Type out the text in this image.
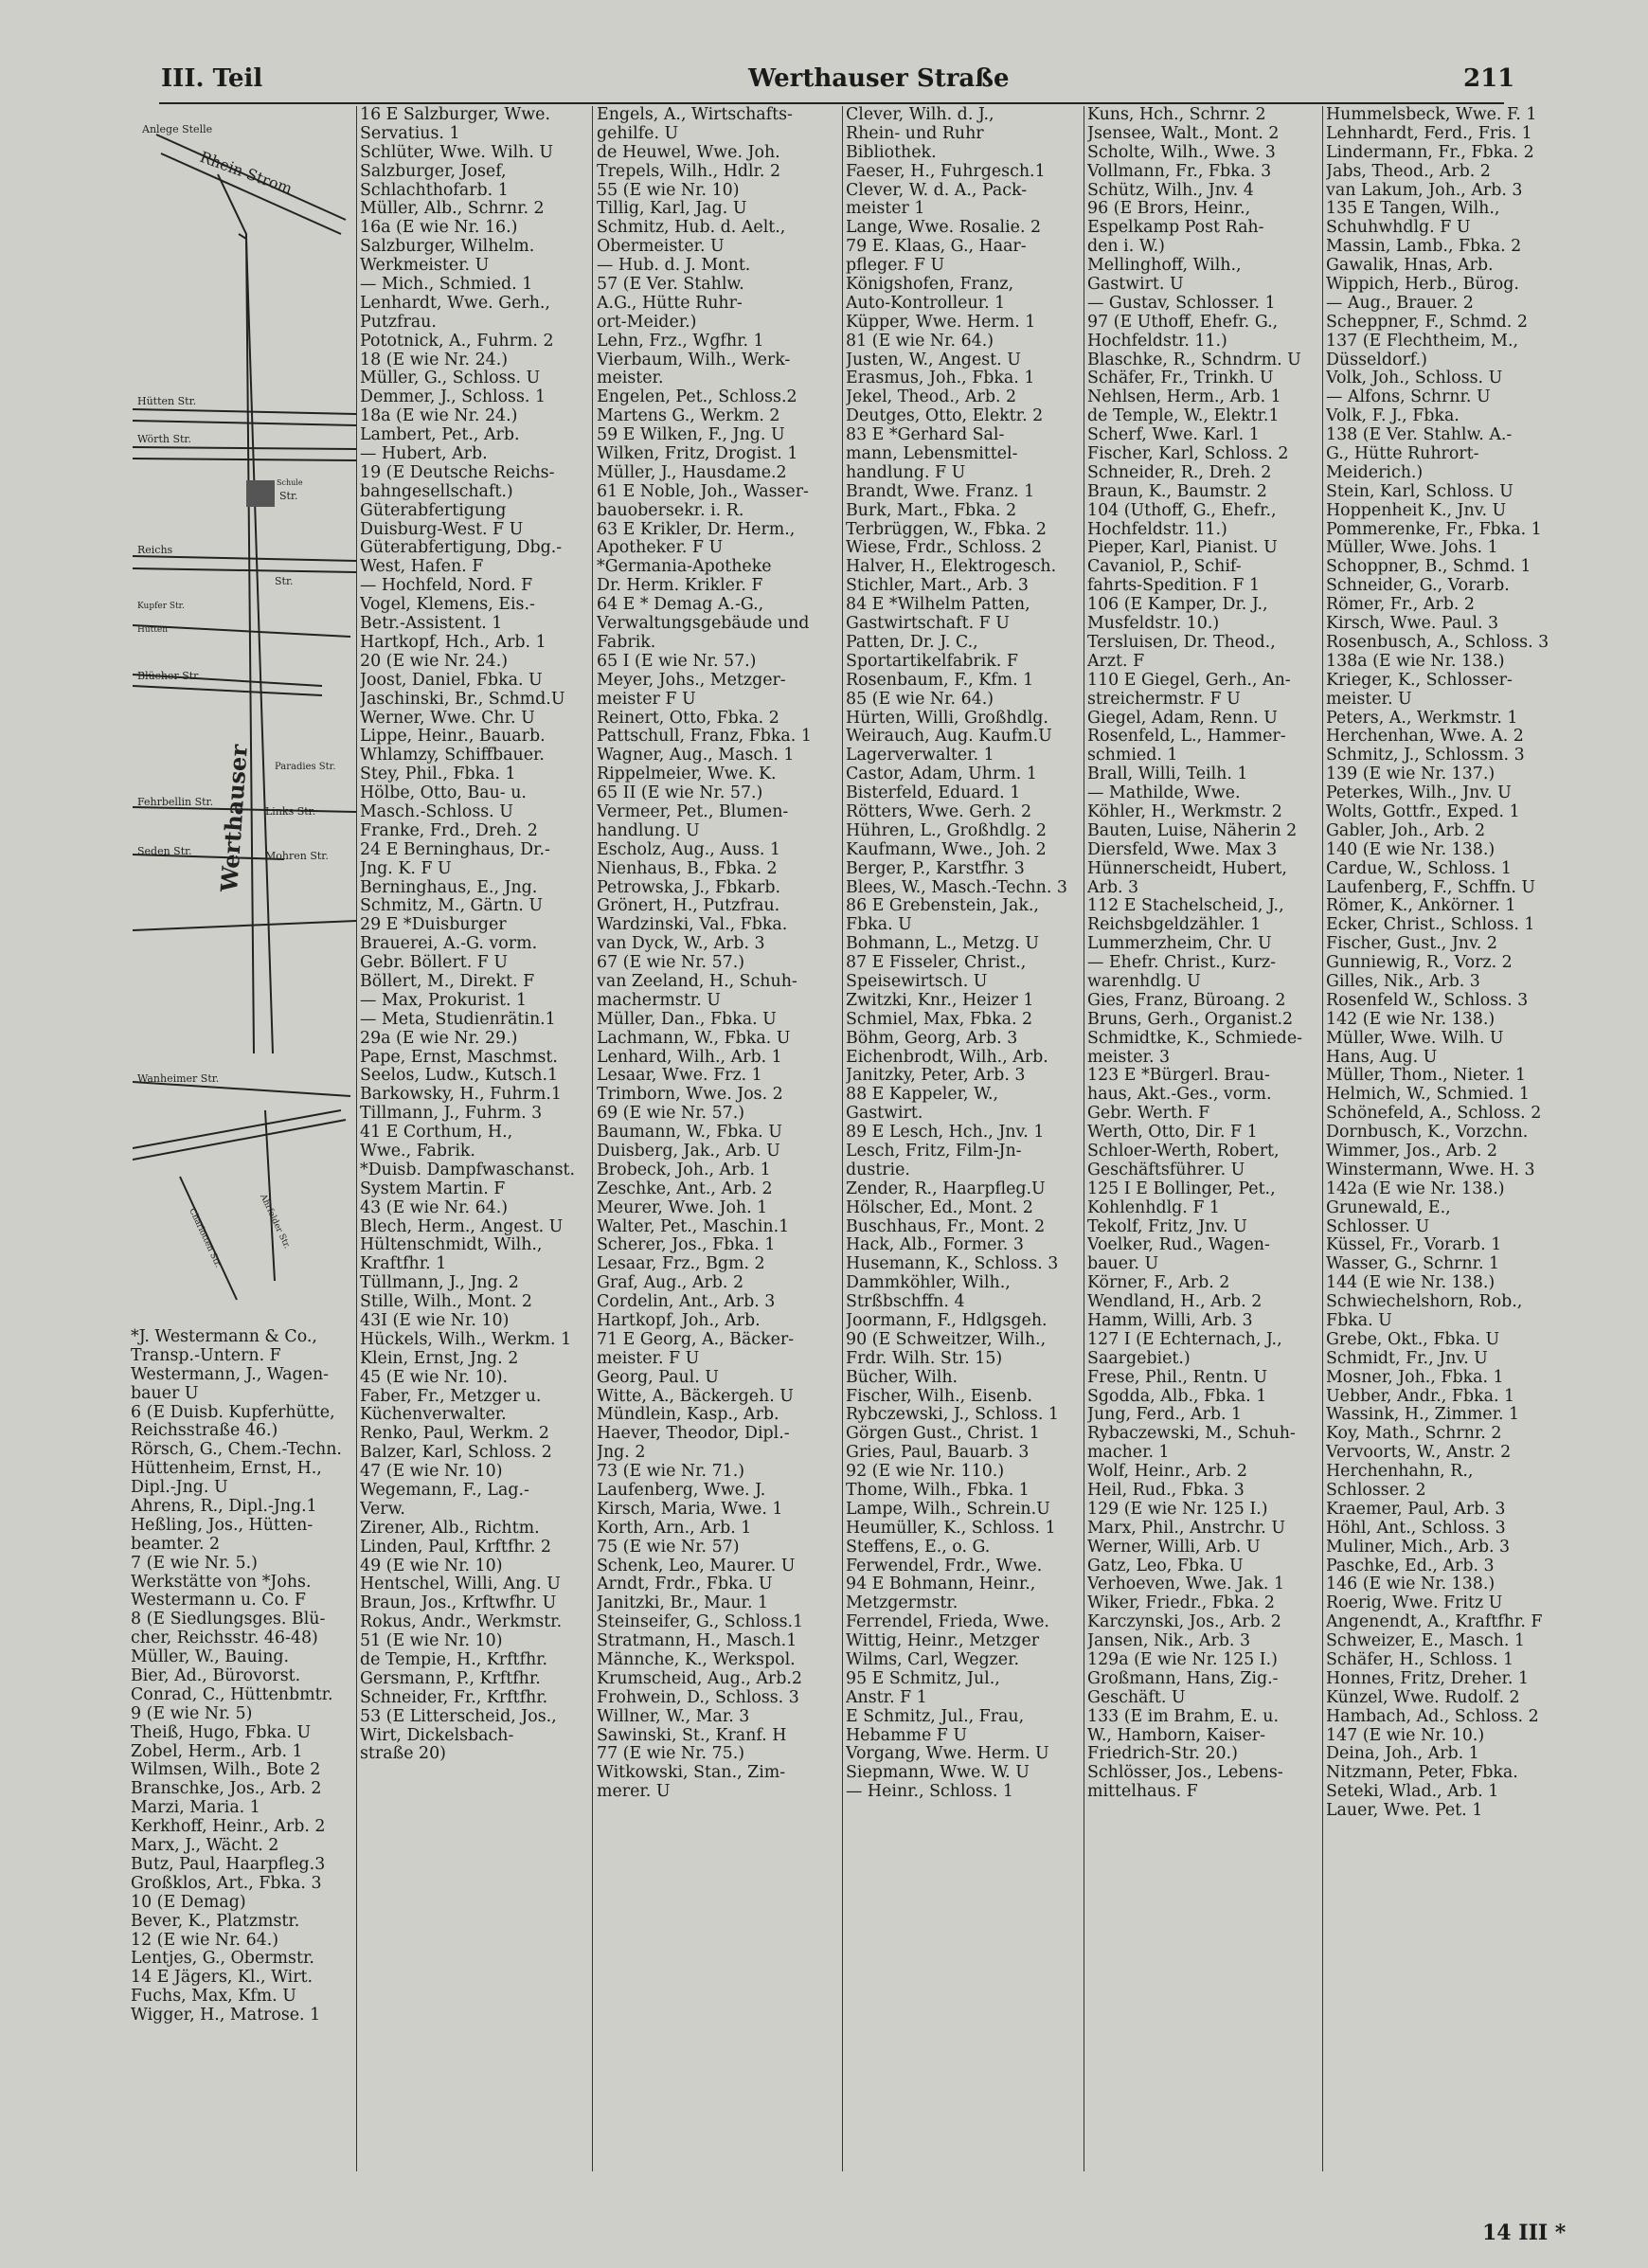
III. Teil	Werthauser Straße	211
Anlege Stelle
Rhein Strom
Hütten Str.
Wörth Str.
Str.
Schule
Reichs
Str.
Kupfer Str.
Hütten
Blücher Str.
Paradies Str.
Fehrbellin Str.
Links Str.
Seden Str.	Mohren Str.
Werthauser
Wanheimer Str.
Charlotten Str.	Ahrfelder Str.
*J. Westermann & Co.,
Transp.-Untern. F
Westermann, J., Wagen-
bauer U
6 (E Duisb. Kupferhütte,
Reichsstraße 46.)
Rörsch, G., Chem.-Techn.
Hüttenheim, Ernst, H.,
Dipl.-Jng. U
Ahrens, R., Dipl.-Jng.1
Heßling, Jos., Hütten-
beamter. 2
7 (E wie Nr. 5.)
Werkstätte von *Johs.
Westermann u. Co. F
8 (E Siedlungsges. Blü-
cher, Reichsstr. 46-48)
Müller, W., Bauing.
Bier, Ad., Bürovorst.
Conrad, C., Hüttenbmtr.
9 (E wie Nr. 5)
Theiß, Hugo, Fbka. U
Zobel, Herm., Arb. 1
Wilmsen, Wilh., Bote 2
Branschke, Jos., Arb. 2
Marzi, Maria. 1
Kerkhoff, Heinr., Arb. 2
Marx, J., Wächt. 2
Butz, Paul, Haarpfleg.3
Großklos, Art., Fbka. 3
10 (E Demag)
Bever, K., Platzmstr.
12 (E wie Nr. 64.)
Lentjes, G., Obermstr.
14 E Jägers, Kl., Wirt.
Fuchs, Max, Kfm. U
Wigger, H., Matrose. 1
16 E Salzburger, Wwe.
Servatius. 1
Schlüter, Wwe. Wilh. U
Salzburger, Josef,
Schlachthofarb. 1
Müller, Alb., Schrnr. 2
16a (E wie Nr. 16.)
Salzburger, Wilhelm.
Werkmeister. U
— Mich., Schmied. 1
Lenhardt, Wwe. Gerh.,
Putzfrau.
Pototnick, A., Fuhrm. 2
18 (E wie Nr. 24.)
Müller, G., Schloss. U
Demmer, J., Schloss. 1
18a (E wie Nr. 24.)
Lambert, Pet., Arb.
— Hubert, Arb.
19 (E Deutsche Reichs-
bahngesellschaft.)
Güterabfertigung
Duisburg-West. F U
Güterabfertigung, Dbg.-
West, Hafen. F
— Hochfeld, Nord. F
Vogel, Klemens, Eis.-
Betr.-Assistent. 1
Hartkopf, Hch., Arb. 1
20 (E wie Nr. 24.)
Joost, Daniel, Fbka. U
Jaschinski, Br., Schmd.U
Werner, Wwe. Chr. U
Lippe, Heinr., Bauarb.
Whlamzy, Schiffbauer.
Stey, Phil., Fbka. 1
Hölbe, Otto, Bau- u.
Masch.-Schloss. U
Franke, Frd., Dreh. 2
24 E Berninghaus, Dr.-
Jng. K. F U
Berninghaus, E., Jng.
Schmitz, M., Gärtn. U
29 E *Duisburger
Brauerei, A.-G. vorm.
Gebr. Böllert. F U
Böllert, M., Direkt. F
— Max, Prokurist. 1
— Meta, Studienrätin.1
29a (E wie Nr. 29.)
Pape, Ernst, Maschmst.
Seelos, Ludw., Kutsch.1
Barkowsky, H., Fuhrm.1
Tillmann, J., Fuhrm. 3
41 E Corthum, H.,
Wwe., Fabrik.
*Duisb. Dampfwaschanst.
System Martin. F
43 (E wie Nr. 64.)
Blech, Herm., Angest. U
Hültenschmidt, Wilh.,
Kraftfhr. 1
Tüllmann, J., Jng. 2
Stille, Wilh., Mont. 2
43I (E wie Nr. 10)
Hückels, Wilh., Werkm. 1
Klein, Ernst, Jng. 2
45 (E wie Nr. 10).
Faber, Fr., Metzger u.
Küchenverwalter.
Renko, Paul, Werkm. 2
Balzer, Karl, Schloss. 2
47 (E wie Nr. 10)
Wegemann, F., Lag.-
Verw.
Zirener, Alb., Richtm.
Linden, Paul, Krftfhr. 2
49 (E wie Nr. 10)
Hentschel, Willi, Ang. U
Braun, Jos., Krftwfhr. U
Rokus, Andr., Werkmstr.
51 (E wie Nr. 10)
de Tempie, H., Krftfhr.
Gersmann, P., Krftfhr.
Schneider, Fr., Krftfhr.
53 (E Litterscheid, Jos.,
Wirt, Dickelsbach-
straße 20)
Engels, A., Wirtschafts-
gehilfe. U
de Heuwel, Wwe. Joh.
Trepels, Wilh., Hdlr. 2
55 (E wie Nr. 10)
Tillig, Karl, Jag. U
Schmitz, Hub. d. Aelt.,
Obermeister. U
— Hub. d. J. Mont.
57 (E Ver. Stahlw.
A.G., Hütte Ruhr-
ort-Meider.)
Lehn, Frz., Wgfhr. 1
Vierbaum, Wilh., Werk-
meister.
Engelen, Pet., Schloss.2
Martens G., Werkm. 2
59 E Wilken, F., Jng. U
Wilken, Fritz, Drogist. 1
Müller, J., Hausdame.2
61 E Noble, Joh., Wasser-
bauobersekr. i. R.
63 E Krikler, Dr. Herm.,
Apotheker. F U
*Germania-Apotheke
Dr. Herm. Krikler. F
64 E * Demag A.-G.,
Verwaltungsgebäude und
Fabrik.
65 I (E wie Nr. 57.)
Meyer, Johs., Metzger-
meister F U
Reinert, Otto, Fbka. 2
Pattschull, Franz, Fbka. 1
Wagner, Aug., Masch. 1
Rippelmeier, Wwe. K.
65 II (E wie Nr. 57.)
Vermeer, Pet., Blumen-
handlung. U
Escholz, Aug., Auss. 1
Nienhaus, B., Fbka. 2
Petrowska, J., Fbkarb.
Grönert, H., Putzfrau.
Wardzinski, Val., Fbka.
van Dyck, W., Arb. 3
67 (E wie Nr. 57.)
van Zeeland, H., Schuh-
machermstr. U
Müller, Dan., Fbka. U
Lachmann, W., Fbka. U
Lenhard, Wilh., Arb. 1
Lesaar, Wwe. Frz. 1
Trimborn, Wwe. Jos. 2
69 (E wie Nr. 57.)
Baumann, W., Fbka. U
Duisberg, Jak., Arb. U
Brobeck, Joh., Arb. 1
Zeschke, Ant., Arb. 2
Meurer, Wwe. Joh. 1
Walter, Pet., Maschin.1
Scherer, Jos., Fbka. 1
Lesaar, Frz., Bgm. 2
Graf, Aug., Arb. 2
Cordelin, Ant., Arb. 3
Hartkopf, Joh., Arb.
71 E Georg, A., Bäcker-
meister. F U
Georg, Paul. U
Witte, A., Bäckergeh. U
Mündlein, Kasp., Arb.
Haever, Theodor, Dipl.-
Jng. 2
73 (E wie Nr. 71.)
Laufenberg, Wwe. J.
Kirsch, Maria, Wwe. 1
Korth, Arn., Arb. 1
75 (E wie Nr. 57)
Schenk, Leo, Maurer. U
Arndt, Frdr., Fbka. U
Janitzki, Br., Maur. 1
Steinseifer, G., Schloss.1
Stratmann, H., Masch.1
Männche, K., Werkspol.
Krumscheid, Aug., Arb.2
Frohwein, D., Schloss. 3
Willner, W., Mar. 3
Sawinski, St., Kranf. H
77 (E wie Nr. 75.)
Witkowski, Stan., Zim-
merer. U
Clever, Wilh. d. J.,
Rhein- und Ruhr
Bibliothek.
Faeser, H., Fuhrgesch.1
Clever, W. d. A., Pack-
meister 1
Lange, Wwe. Rosalie. 2
79 E. Klaas, G., Haar-
pfleger. F U
Königshofen, Franz,
Auto-Kontrolleur. 1
Küpper, Wwe. Herm. 1
81 (E wie Nr. 64.)
Justen, W., Angest. U
Erasmus, Joh., Fbka. 1
Jekel, Theod., Arb. 2
Deutges, Otto, Elektr. 2
83 E *Gerhard Sal-
mann, Lebensmittel-
handlung. F U
Brandt, Wwe. Franz. 1
Burk, Mart., Fbka. 2
Terbrüggen, W., Fbka. 2
Wiese, Frdr., Schloss. 2
Halver, H., Elektrogesch.
Stichler, Mart., Arb. 3
84 E *Wilhelm Patten,
Gastwirtschaft. F U
Patten, Dr. J. C.,
Sportartikelfabrik. F
Rosenbaum, F., Kfm. 1
85 (E wie Nr. 64.)
Hürten, Willi, Großhdlg.
Weirauch, Aug. Kaufm.U
Lagerverwalter. 1
Castor, Adam, Uhrm. 1
Bisterfeld, Eduard. 1
Rötters, Wwe. Gerh. 2
Hühren, L., Großhdlg. 2
Kaufmann, Wwe., Joh. 2
Berger, P., Karstfhr. 3
Blees, W., Masch.-Techn. 3
86 E Grebenstein, Jak.,
Fbka. U
Bohmann, L., Metzg. U
87 E Fisseler, Christ.,
Speisewirtsch. U
Zwitzki, Knr., Heizer 1
Schmiel, Max, Fbka. 2
Böhm, Georg, Arb. 3
Eichenbrodt, Wilh., Arb.
Janitzky, Peter, Arb. 3
88 E Kappeler, W.,
Gastwirt.
89 E Lesch, Hch., Jnv. 1
Lesch, Fritz, Film-Jn-
dustrie.
Zender, R., Haarpfleg.U
Hölscher, Ed., Mont. 2
Buschhaus, Fr., Mont. 2
Hack, Alb., Former. 3
Husemann, K., Schloss. 3
Dammköhler, Wilh.,
Strßbschffn. 4
Joormann, F., Hdlgsgeh.
90 (E Schweitzer, Wilh.,
Frdr. Wilh. Str. 15)
Bücher, Wilh.
Fischer, Wilh., Eisenb.
Rybczewski, J., Schloss. 1
Görgen Gust., Christ. 1
Gries, Paul, Bauarb. 3
92 (E wie Nr. 110.)
Thome, Wilh., Fbka. 1
Lampe, Wilh., Schrein.U
Heumüller, K., Schloss. 1
Steffens, E., o. G.
Ferwendel, Frdr., Wwe.
94 E Bohmann, Heinr.,
Metzgermstr.
Ferrendel, Frieda, Wwe.
Wittig, Heinr., Metzger
Wilms, Carl, Wegzer.
95 E Schmitz, Jul.,
Anstr. F 1
E Schmitz, Jul., Frau,
Hebamme F U
Vorgang, Wwe. Herm. U
Siepmann, Wwe. W. U
— Heinr., Schloss. 1
Kuns, Hch., Schrnr. 2
Jsensee, Walt., Mont. 2
Scholte, Wilh., Wwe. 3
Vollmann, Fr., Fbka. 3
Schütz, Wilh., Jnv. 4
96 (E Brors, Heinr.,
Espelkamp Post Rah-
den i. W.)
Mellinghoff, Wilh.,
Gastwirt. U
— Gustav, Schlosser. 1
97 (E Uthoff, Ehefr. G.,
Hochfeldstr. 11.)
Blaschke, R., Schndrm. U
Schäfer, Fr., Trinkh. U
Nehlsen, Herm., Arb. 1
de Temple, W., Elektr.1
Scherf, Wwe. Karl. 1
Fischer, Karl, Schloss. 2
Schneider, R., Dreh. 2
Braun, K., Baumstr. 2
104 (Uthoff, G., Ehefr.,
Hochfeldstr. 11.)
Pieper, Karl, Pianist. U
Cavaniol, P., Schif-
fahrts-Spedition. F 1
106 (E Kamper, Dr. J.,
Musfeldstr. 10.)
Tersluisen, Dr. Theod.,
Arzt. F
110 E Giegel, Gerh., An-
streichermstr. F U
Giegel, Adam, Renn. U
Rosenfeld, L., Hammer-
schmied. 1
Brall, Willi, Teilh. 1
— Mathilde, Wwe.
Köhler, H., Werkmstr. 2
Bauten, Luise, Näherin 2
Diersfeld, Wwe. Max 3
Hünnerscheidt, Hubert,
Arb. 3
112 E Stachelscheid, J.,
Reichsbgeldzähler. 1
Lummerzheim, Chr. U
— Ehefr. Christ., Kurz-
warenhdlg. U
Gies, Franz, Büroang. 2
Bruns, Gerh., Organist.2
Schmidtke, K., Schmiede-
meister. 3
123 E *Bürgerl. Brau-
haus, Akt.-Ges., vorm.
Gebr. Werth. F
Werth, Otto, Dir. F 1
Schloer-Werth, Robert,
Geschäftsführer. U
125 I E Bollinger, Pet.,
Kohlenhdlg. F 1
Tekolf, Fritz, Jnv. U
Voelker, Rud., Wagen-
bauer. U
Körner, F., Arb. 2
Wendland, H., Arb. 2
Hamm, Willi, Arb. 3
127 I (E Echternach, J.,
Saargebiet.)
Frese, Phil., Rentn. U
Sgodda, Alb., Fbka. 1
Jung, Ferd., Arb. 1
Rybaczewski, M., Schuh-
macher. 1
Wolf, Heinr., Arb. 2
Heil, Rud., Fbka. 3
129 (E wie Nr. 125 I.)
Marx, Phil., Anstrchr. U
Werner, Willi, Arb. U
Gatz, Leo, Fbka. U
Verhoeven, Wwe. Jak. 1
Wiker, Friedr., Fbka. 2
Karczynski, Jos., Arb. 2
Jansen, Nik., Arb. 3
129a (E wie Nr. 125 I.)
Großmann, Hans, Zig.-
Geschäft. U
133 (E im Brahm, E. u.
W., Hamborn, Kaiser-
Friedrich-Str. 20.)
Schlösser, Jos., Lebens-
mittelhaus. F
Hummelsbeck, Wwe. F. 1
Lehnhardt, Ferd., Fris. 1
Lindermann, Fr., Fbka. 2
Jabs, Theod., Arb. 2
van Lakum, Joh., Arb. 3
135 E Tangen, Wilh.,
Schuhwhdlg. F U
Massin, Lamb., Fbka. 2
Gawalik, Hnas, Arb.
Wippich, Herb., Bürog.
— Aug., Brauer. 2
Scheppner, F., Schmd. 2
137 (E Flechtheim, M.,
Düsseldorf.)
Volk, Joh., Schloss. U
— Alfons, Schrnr. U
Volk, F. J., Fbka.
138 (E Ver. Stahlw. A.-
G., Hütte Ruhrort-
Meiderich.)
Stein, Karl, Schloss. U
Hoppenheit K., Jnv. U
Pommerenke, Fr., Fbka. 1
Müller, Wwe. Johs. 1
Schoppner, B., Schmd. 1
Schneider, G., Vorarb.
Römer, Fr., Arb. 2
Kirsch, Wwe. Paul. 3
Rosenbusch, A., Schloss. 3
138a (E wie Nr. 138.)
Krieger, K., Schlosser-
meister. U
Peters, A., Werkmstr. 1
Herchenhan, Wwe. A. 2
Schmitz, J., Schlossm. 3
139 (E wie Nr. 137.)
Peterkes, Wilh., Jnv. U
Wolts, Gottfr., Exped. 1
Gabler, Joh., Arb. 2
140 (E wie Nr. 138.)
Cardue, W., Schloss. 1
Laufenberg, F., Schffn. U
Römer, K., Ankörner. 1
Ecker, Christ., Schloss. 1
Fischer, Gust., Jnv. 2
Gunniewig, R., Vorz. 2
Gilles, Nik., Arb. 3
Rosenfeld W., Schloss. 3
142 (E wie Nr. 138.)
Müller, Wwe. Wilh. U
Hans, Aug. U
Müller, Thom., Nieter. 1
Helmich, W., Schmied. 1
Schönefeld, A., Schloss. 2
Dornbusch, K., Vorzchn.
Wimmer, Jos., Arb. 2
Winstermann, Wwe. H. 3
142a (E wie Nr. 138.)
Grunewald, E.,
Schlosser. U
Küssel, Fr., Vorarb. 1
Wasser, G., Schrnr. 1
144 (E wie Nr. 138.)
Schwiechelshorn, Rob.,
Fbka. U
Grebe, Okt., Fbka. U
Schmidt, Fr., Jnv. U
Mosner, Joh., Fbka. 1
Uebber, Andr., Fbka. 1
Wassink, H., Zimmer. 1
Koy, Math., Schrnr. 2
Vervoorts, W., Anstr. 2
Herchenhahn, R.,
Schlosser. 2
Kraemer, Paul, Arb. 3
Höhl, Ant., Schloss. 3
Muliner, Mich., Arb. 3
Paschke, Ed., Arb. 3
146 (E wie Nr. 138.)
Roerig, Wwe. Fritz U
Angenendt, A., Kraftfhr. F
Schweizer, E., Masch. 1
Schäfer, H., Schloss. 1
Honnes, Fritz, Dreher. 1
Künzel, Wwe. Rudolf. 2
Hambach, Ad., Schloss. 2
147 (E wie Nr. 10.)
Deina, Joh., Arb. 1
Nitzmann, Peter, Fbka.
Seteki, Wlad., Arb. 1
Lauer, Wwe. Pet. 1
14 III *
